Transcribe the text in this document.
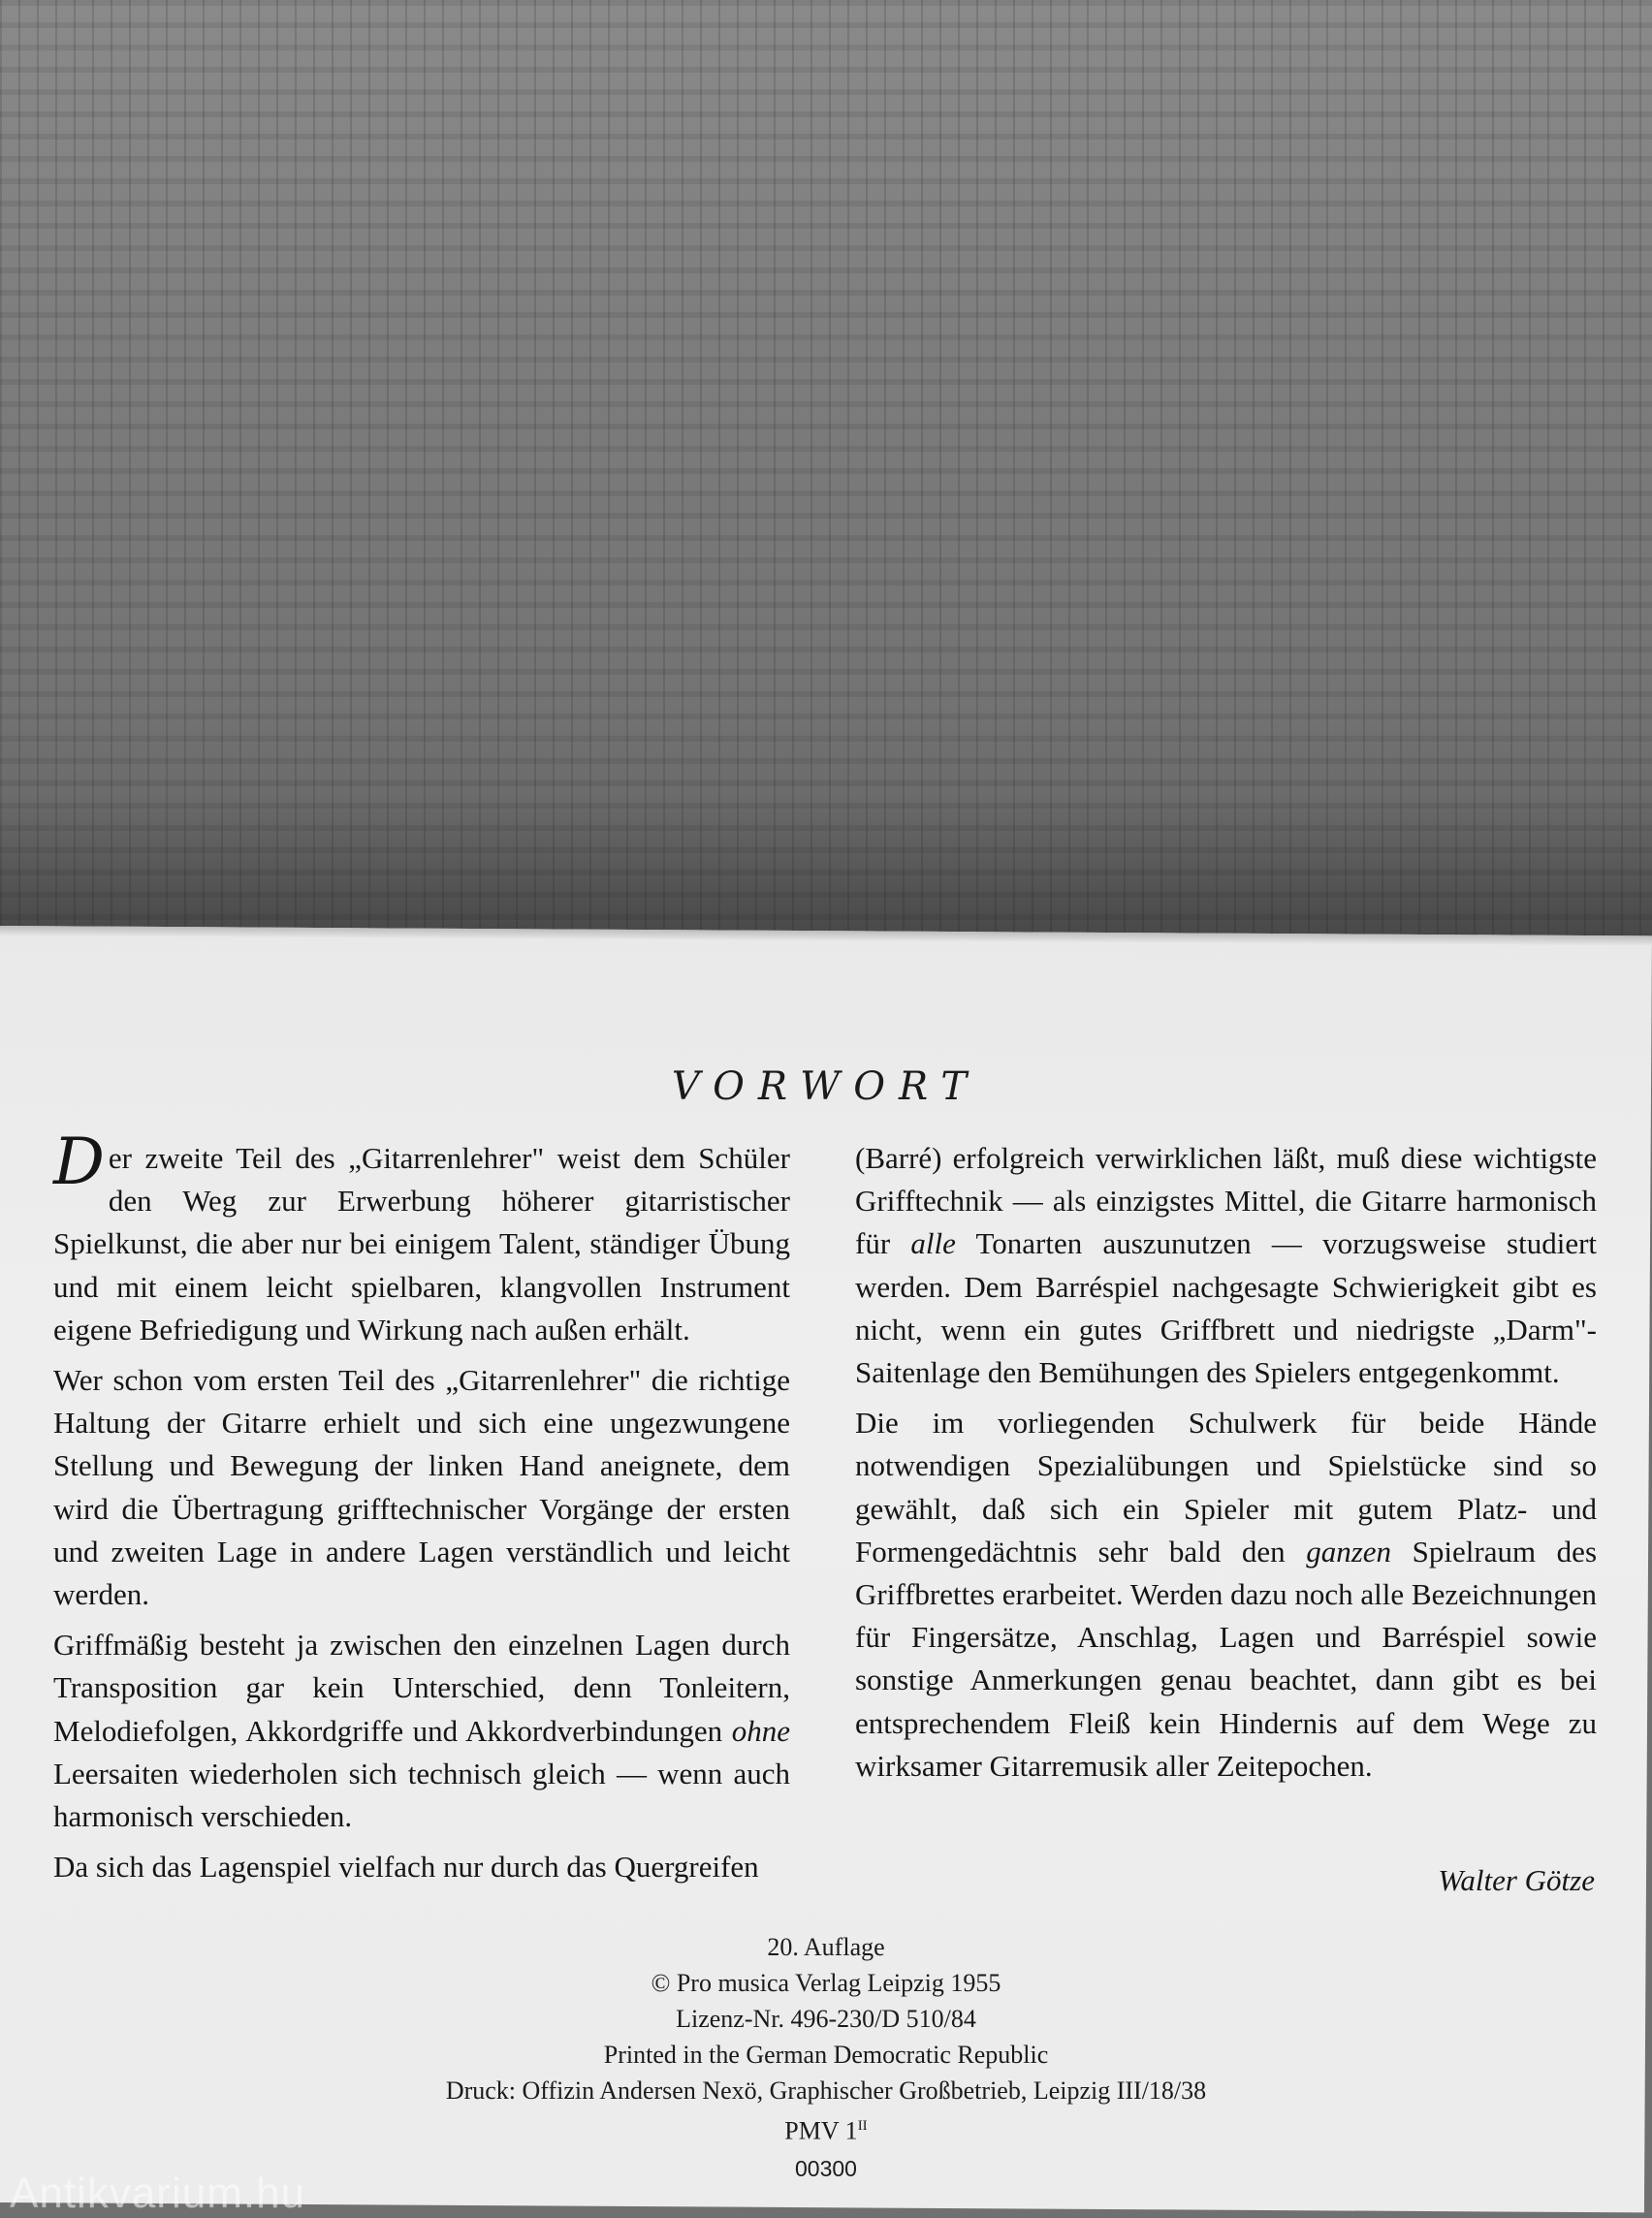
VORWORT

Der zweite Teil des „Gitarrenlehrer" weist dem Schüler den Weg zur Erwerbung höherer gitarristischer Spielkunst, die aber nur bei einigem Talent, ständiger Übung und mit einem leicht spielbaren, klangvollen Instrument eigene Befriedigung und Wirkung nach außen erhält.

Wer schon vom ersten Teil des „Gitarrenlehrer" die richtige Haltung der Gitarre erhielt und sich eine ungezwungene Stellung und Bewegung der linken Hand aneignete, dem wird die Übertragung grifftechnischer Vorgänge der ersten und zweiten Lage in andere Lagen verständlich und leicht werden.

Griffmäßig besteht ja zwischen den einzelnen Lagen durch Transposition gar kein Unterschied, denn Tonleitern, Melodiefolgen, Akkordgriffe und Akkordverbindungen ohne Leersaiten wiederholen sich technisch gleich — wenn auch harmonisch verschieden.

Da sich das Lagenspiel vielfach nur durch das Quergreifen

(Barré) erfolgreich verwirklichen läßt, muß diese wichtigste Grifftechnik — als einzigstes Mittel, die Gitarre harmonisch für alle Tonarten auszunutzen — vorzugsweise studiert werden. Dem Barréspiel nachgesagte Schwierigkeit gibt es nicht, wenn ein gutes Griffbrett und niedrigste „Darm"-Saitenlage den Bemühungen des Spielers entgegenkommt.

Die im vorliegenden Schulwerk für beide Hände notwendigen Spezialübungen und Spielstücke sind so gewählt, daß sich ein Spieler mit gutem Platz- und Formengedächtnis sehr bald den ganzen Spielraum des Griffbrettes erarbeitet. Werden dazu noch alle Bezeichnungen für Fingersätze, Anschlag, Lagen und Barréspiel sowie sonstige Anmerkungen genau beachtet, dann gibt es bei entsprechendem Fleiß kein Hindernis auf dem Wege zu wirksamer Gitarremusik aller Zeitepochen.

Walter Götze
20. Auflage
© Pro musica Verlag Leipzig 1955
Lizenz-Nr. 496-230/D 510/84
Printed in the German Democratic Republic
Druck: Offizin Andersen Nexö, Graphischer Großbetrieb, Leipzig III/18/38
PMV $1^{II}$
00300
Antikvarium.hu
